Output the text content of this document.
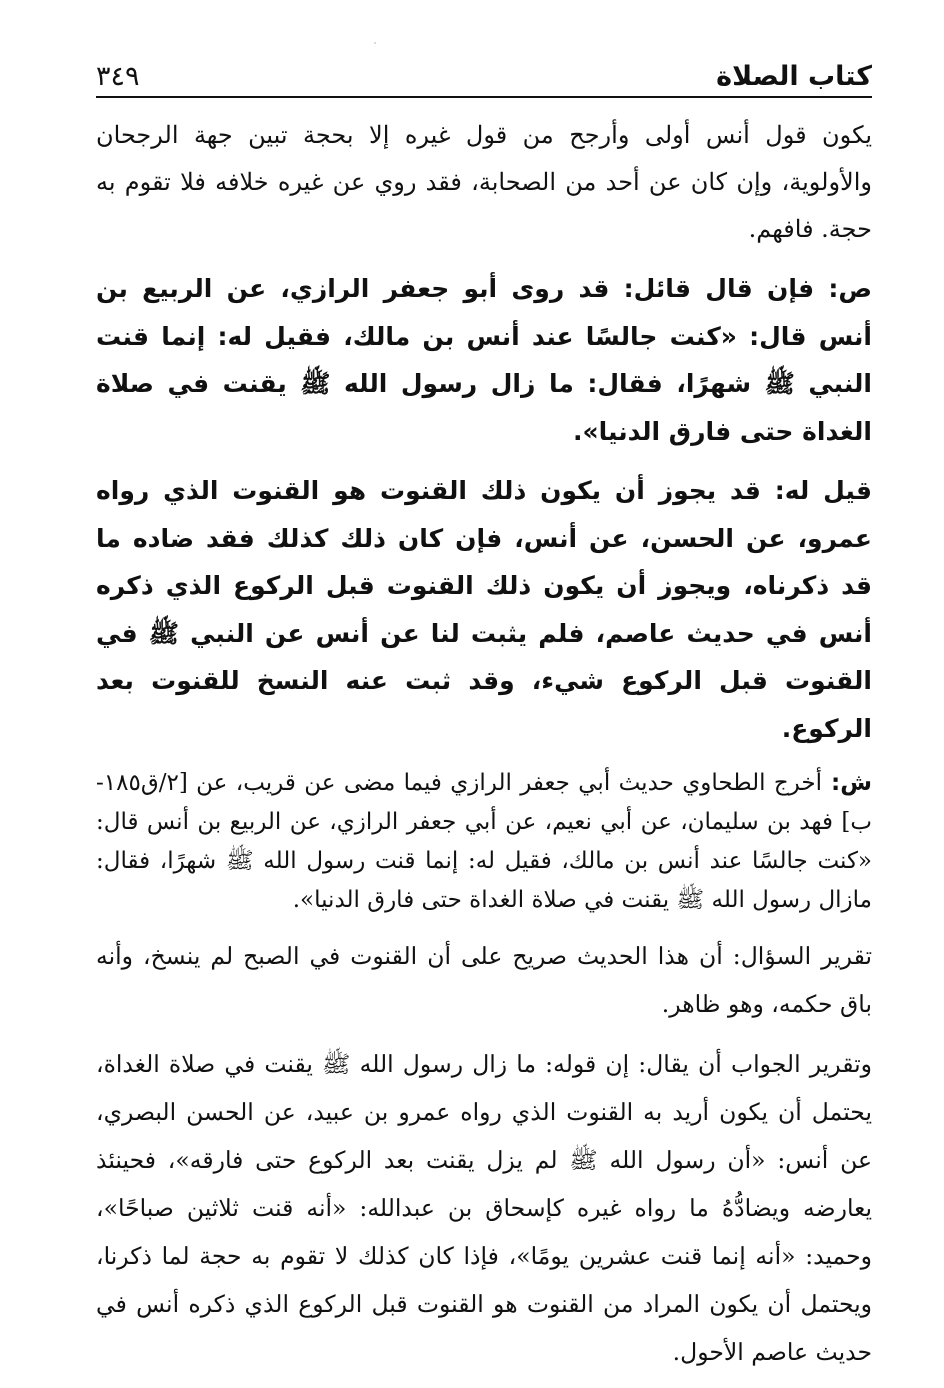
كتاب الصلاة
٣٤٩

يكون قول أنس أولى وأرجح من قول غيره إلا بحجة تبين جهة الرجحان والأولوية، وإن كان عن أحد من الصحابة، فقد روي عن غيره خلافه فلا تقوم به حجة. فافهم.

ص: فإن قال قائل: قد روى أبو جعفر الرازي، عن الربيع بن أنس قال: «كنت جالسًا عند أنس بن مالك، فقيل له: إنما قنت النبي ﷺ شهرًا، فقال: ما زال رسول الله ﷺ يقنت في صلاة الغداة حتى فارق الدنيا».

قيل له: قد يجوز أن يكون ذلك القنوت هو القنوت الذي رواه عمرو، عن الحسن، عن أنس، فإن كان ذلك كذلك فقد ضاده ما قد ذكرناه، ويجوز أن يكون ذلك القنوت قبل الركوع الذي ذكره أنس في حديث عاصم، فلم يثبت لنا عن أنس عن النبي ﷺ في القنوت قبل الركوع شيء، وقد ثبت عنه النسخ للقنوت بعد الركوع.

ش: أخرج الطحاوي حديث أبي جعفر الرازي فيما مضى عن قريب، عن [٢/ق١٨٥-ب] فهد بن سليمان، عن أبي نعيم، عن أبي جعفر الرازي، عن الربيع بن أنس قال: «كنت جالسًا عند أنس بن مالك، فقيل له: إنما قنت رسول الله ﷺ شهرًا، فقال: مازال رسول الله ﷺ يقنت في صلاة الغداة حتى فارق الدنيا».

تقرير السؤال: أن هذا الحديث صريح على أن القنوت في الصبح لم ينسخ، وأنه باق حكمه، وهو ظاهر.

وتقرير الجواب أن يقال: إن قوله: ما زال رسول الله ﷺ يقنت في صلاة الغداة، يحتمل أن يكون أريد به القنوت الذي رواه عمرو بن عبيد، عن الحسن البصري، عن أنس: «أن رسول الله ﷺ لم يزل يقنت بعد الركوع حتى فارقه»، فحينئذ يعارضه ويضادُّهُ ما رواه غيره كإسحاق بن عبدالله: «أنه قنت ثلاثين صباحًا»، وحميد: «أنه إنما قنت عشرين يومًا»، فإذا كان كذلك لا تقوم به حجة لما ذكرنا، ويحتمل أن يكون المراد من القنوت هو القنوت قبل الركوع الذي ذكره أنس في حديث عاصم الأحول.
